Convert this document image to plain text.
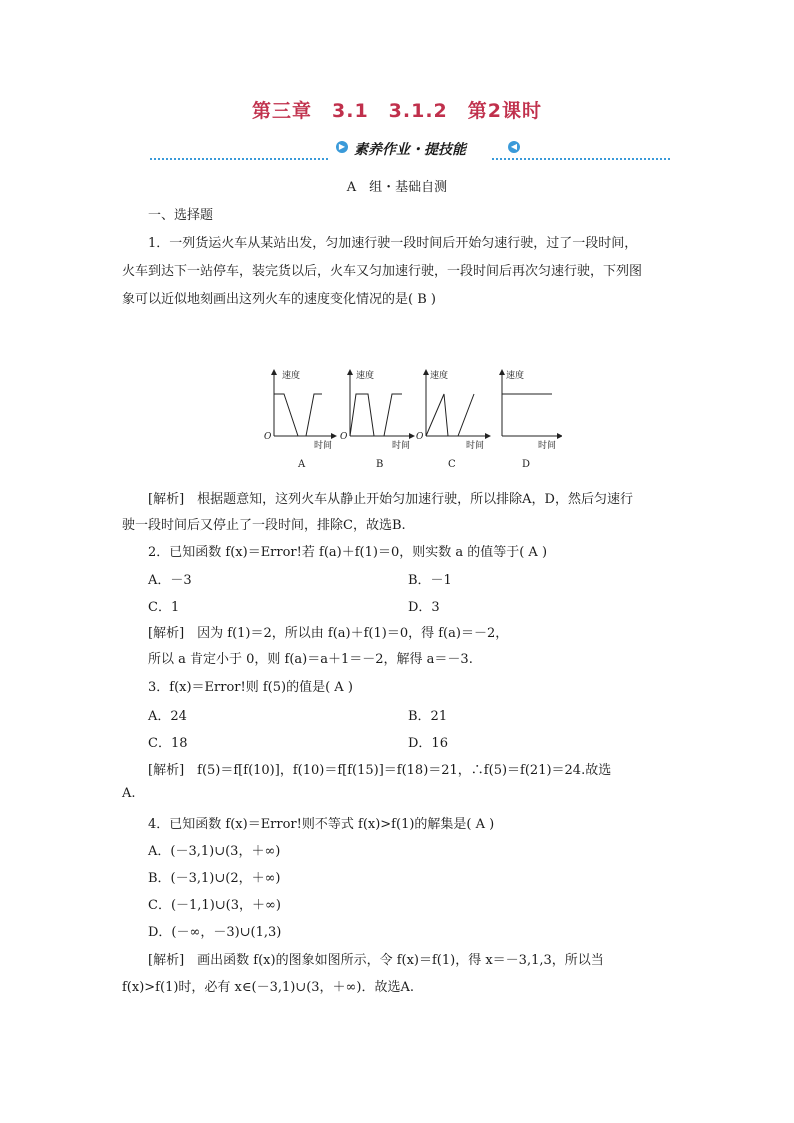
第三章　3.1　3.1.2　第2课时
▶ 素养作业・提技能	◀
A　组・基础自测
一、选择题
1．一列货运火车从某站出发，匀加速行驶一段时间后开始匀速行驶，过了一段时间，
火车到达下一站停车，装完货以后，火车又匀加速行驶，一段时间后再次匀速行驶，下列图
象可以近似地刻画出这列火车的速度变化情况的是( B )
速度
时间
O
速度
时间
O
速度
时间
O
速度
时间
A	B	C	D
[解析]　根据题意知，这列火车从静止开始匀加速行驶，所以排除A，D，然后匀速行
驶一段时间后又停止了一段时间，排除C，故选B.
2．已知函数 f(x)＝Error!若 f(a)＋f(1)＝0，则实数 a 的值等于( A )
A．－3	B．－1
C．1	D．3
[解析]　因为 f(1)＝2，所以由 f(a)＋f(1)＝0，得 f(a)＝－2，
所以 a 肯定小于 0，则 f(a)＝a＋1＝－2，解得 a＝－3.
3．f(x)＝Error!则 f(5)的值是( A )
A．24	B．21
C．18	D．16
[解析]　f(5)＝f[f(10)]，f(10)＝f[f(15)]＝f(18)＝21，∴f(5)＝f(21)＝24.故选
A.
4．已知函数 f(x)＝Error!则不等式 f(x)>f(1)的解集是( A )
A．(－3,1)∪(3，＋∞)
B．(－3,1)∪(2，＋∞)
C．(－1,1)∪(3，＋∞)
D．(－∞，－3)∪(1,3)
[解析]　画出函数 f(x)的图象如图所示，令 f(x)＝f(1)，得 x＝－3,1,3，所以当
f(x)>f(1)时，必有 x∈(－3,1)∪(3，＋∞)．故选A.
